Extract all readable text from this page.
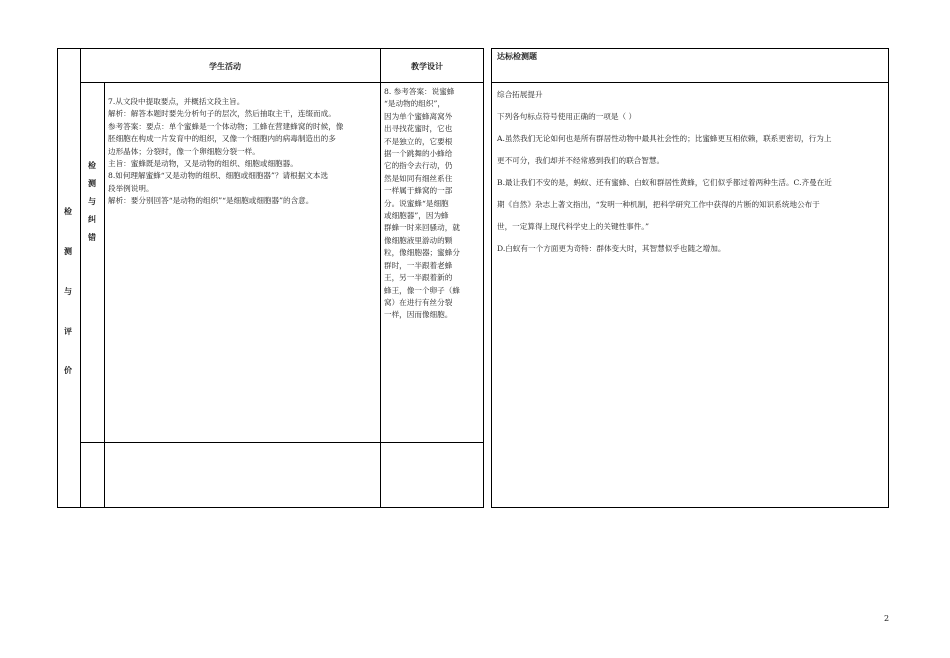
学生活动	教学设计
检
测
与
评
价
检
测
与
纠
错

7.从文段中提取要点，并概括文段主旨。

解析：解答本题时要先分析句子的层次，然后抽取主干，连缀而成。

参考答案：要点：单个蜜蜂是一个体动物；工蜂在营建蜂窝的时候，像

胚细胞在构成一片发育中的组织，又像一个细胞内的病毒制造出的多

边形晶体；分裂时，像一个卵细胞分裂一样。

主旨：蜜蜂既是动物，又是动物的组织、细胞或细胞器。

8.如何理解蜜蜂“又是动物的组织、细胞或细胞器”？请根据文本选

段举例说明。

解析：要分别回答“是动物的组织”“是细胞或细胞器”的含意。

8. 参考答案：说蜜蜂

“是动物的组织”，

因为单个蜜蜂离窝外

出寻找花蜜时，它也

不是独立的，它要根

据一个跳舞的小蜂给

它的指令去行动，仍

然是如同有细丝系住

一样属于蜂窝的一部

分。说蜜蜂“是细胞

或细胞器”，因为蜂

群蜂一时来回骚动，就

像细胞液里游动的颗

粒，像细胞器；蜜蜂分

群时，一半跟着老蜂

王，另一半跟着新的

蜂王，像一个卵子（蜂

窝）在进行有丝分裂

一样，因而像细胞。

达标检测题

综合拓展提升

下列各句标点符号使用正确的一项是（ ）

A.虽然我们无论如何也是所有群居性动物中最具社会性的；比蜜蜂更互相依赖，联系更密切，行为上

更不可分，我们却并不经常感到我们的联合智慧。

B.最让我们不安的是，蚂蚁、还有蜜蜂、白蚁和群居性黄蜂，它们似乎都过着两种生活。C.齐曼在近

期《自然》杂志上著文指出，“发明一种机制，把科学研究工作中获得的片断的知识系统地公布于

世，一定算得上现代科学史上的关键性事件。”

D.白蚁有一个方面更为奇特：群体变大时，其智慧似乎也随之增加。

2
